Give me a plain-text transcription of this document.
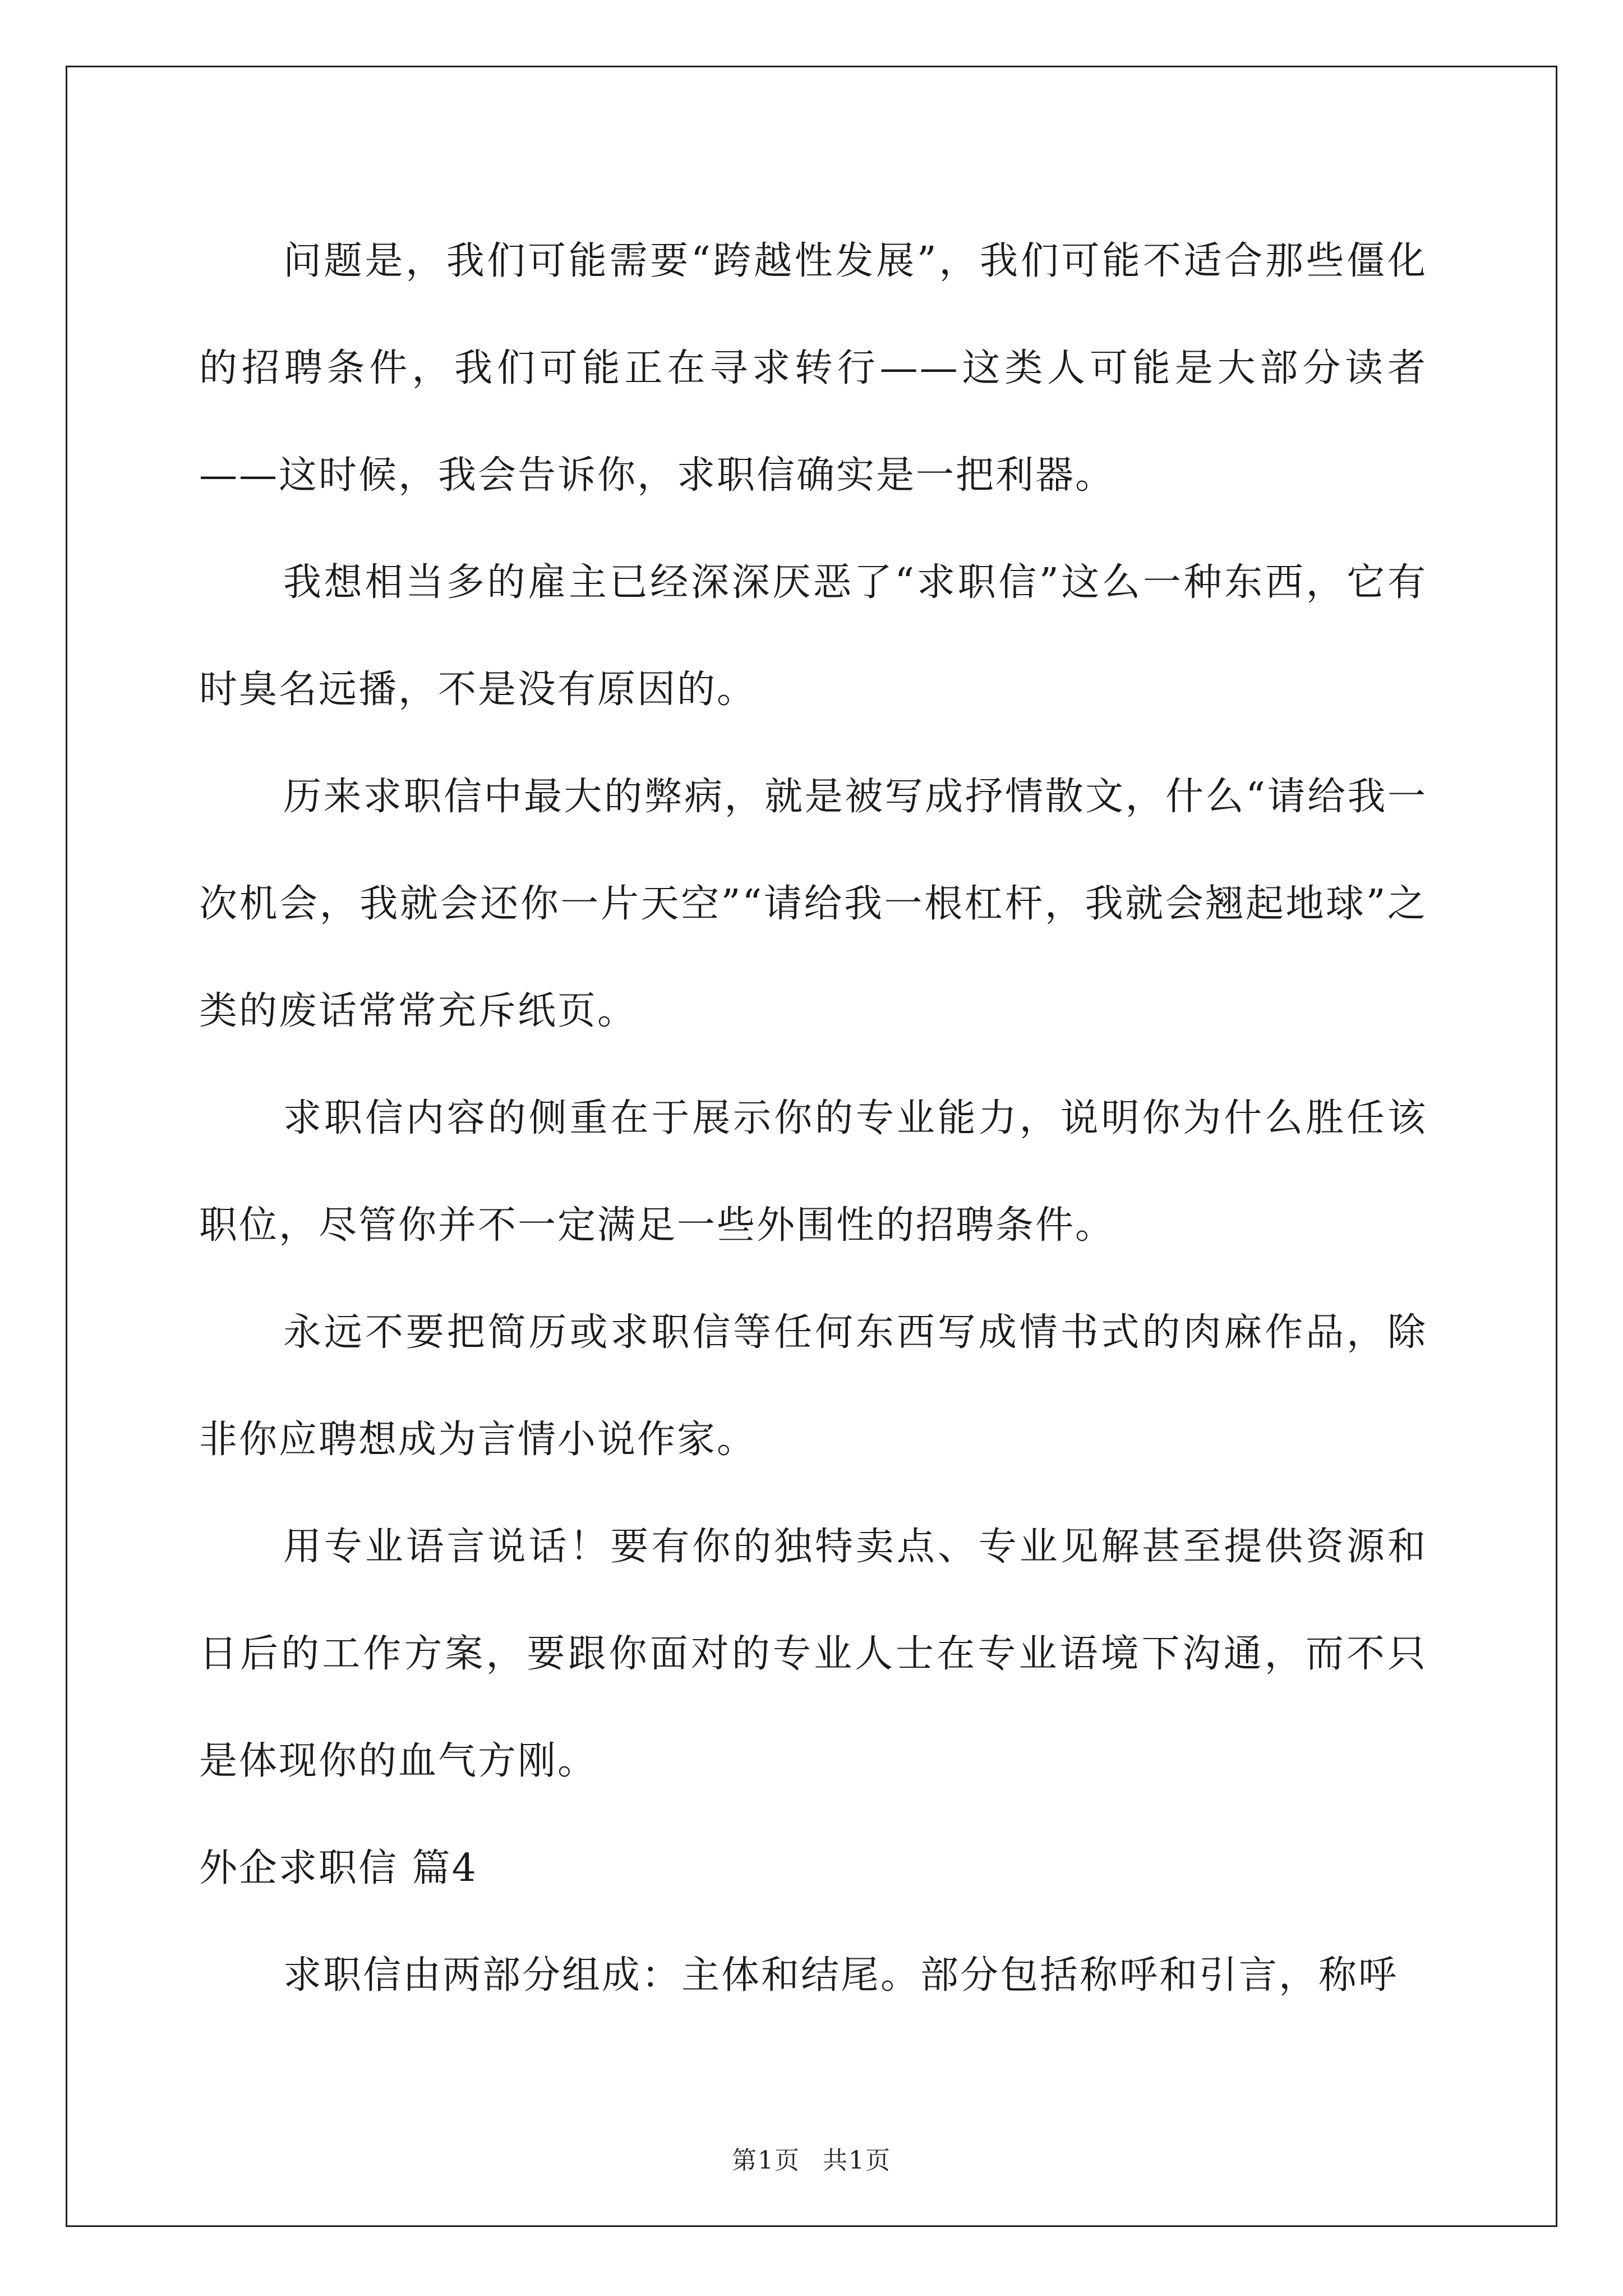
问题是，我们可能需要“跨越性发展”，我们可能不适合那些僵化的招聘条件，我们可能正在寻求转行——这类人可能是大部分读者——这时候，我会告诉你，求职信确实是一把利器。

我想相当多的雇主已经深深厌恶了“求职信”这么一种东西，它有时臭名远播，不是没有原因的。

历来求职信中最大的弊病，就是被写成抒情散文，什么“请给我一次机会，我就会还你一片天空”“请给我一根杠杆，我就会翘起地球”之类的废话常常充斥纸页。

求职信内容的侧重在于展示你的专业能力，说明你为什么胜任该职位，尽管你并不一定满足一些外围性的招聘条件。

永远不要把简历或求职信等任何东西写成情书式的肉麻作品，除非你应聘想成为言情小说作家。

用专业语言说话！要有你的独特卖点、专业见解甚至提供资源和日后的工作方案，要跟你面对的专业人士在专业语境下沟通，而不只是体现你的血气方刚。

外企求职信 篇4

求职信由两部分组成：主体和结尾。部分包括称呼和引言，称呼

第1页 共1页
